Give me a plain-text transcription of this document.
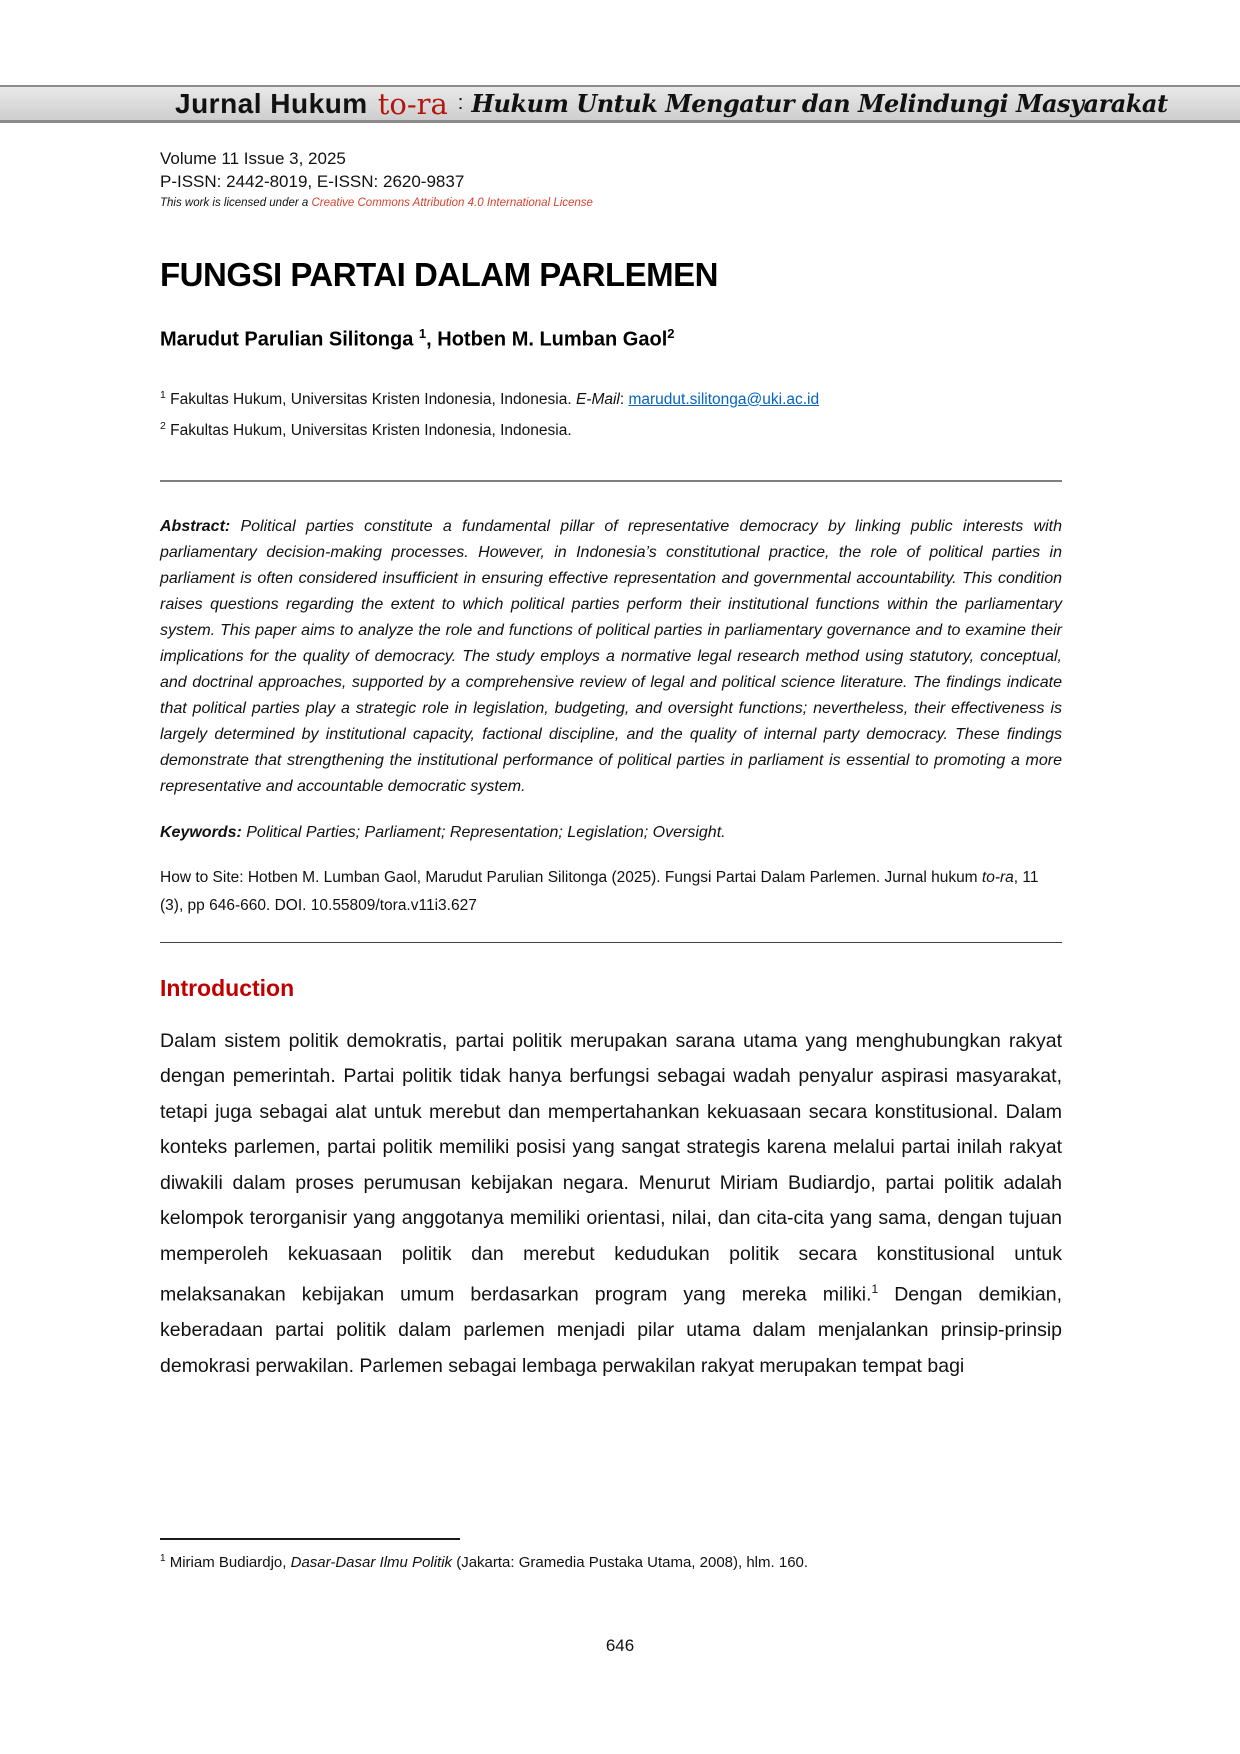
Jurnal Hukum to-ra : Hukum Untuk Mengatur dan Melindungi Masyarakat
Volume 11 Issue 3, 2025
P-ISSN: 2442-8019, E-ISSN: 2620-9837
This work is licensed under a Creative Commons Attribution 4.0 International License
FUNGSI PARTAI DALAM PARLEMEN
Marudut Parulian Silitonga $^1$, Hotben M. Lumban Gaol$^2$
$^1$ Fakultas Hukum, Universitas Kristen Indonesia, Indonesia. E-Mail: marudut.silitonga@uki.ac.id
$^2$ Fakultas Hukum, Universitas Kristen Indonesia, Indonesia.

Abstract: Political parties constitute a fundamental pillar of representative democracy by linking public interests with parliamentary decision-making processes. However, in Indonesia’s constitutional practice, the role of political parties in parliament is often considered insufficient in ensuring effective representation and governmental accountability. This condition raises questions regarding the extent to which political parties perform their institutional functions within the parliamentary system. This paper aims to analyze the role and functions of political parties in parliamentary governance and to examine their implications for the quality of democracy. The study employs a normative legal research method using statutory, conceptual, and doctrinal approaches, supported by a comprehensive review of legal and political science literature. The findings indicate that political parties play a strategic role in legislation, budgeting, and oversight functions; nevertheless, their effectiveness is largely determined by institutional capacity, factional discipline, and the quality of internal party democracy. These findings demonstrate that strengthening the institutional performance of political parties in parliament is essential to promoting a more representative and accountable democratic system.

Keywords: Political Parties; Parliament; Representation; Legislation; Oversight.

How to Site: Hotben M. Lumban Gaol, Marudut Parulian Silitonga (2025). Fungsi Partai Dalam Parlemen. Jurnal hukum to-ra, 11 (3), pp 646-660. DOI. 10.55809/tora.v11i3.627

Introduction

Dalam sistem politik demokratis, partai politik merupakan sarana utama yang menghubungkan rakyat dengan pemerintah. Partai politik tidak hanya berfungsi sebagai wadah penyalur aspirasi masyarakat, tetapi juga sebagai alat untuk merebut dan mempertahankan kekuasaan secara konstitusional. Dalam konteks parlemen, partai politik memiliki posisi yang sangat strategis karena melalui partai inilah rakyat diwakili dalam proses perumusan kebijakan negara. Menurut Miriam Budiardjo, partai politik adalah kelompok terorganisir yang anggotanya memiliki orientasi, nilai, dan cita-cita yang sama, dengan tujuan memperoleh kekuasaan politik dan merebut kedudukan politik secara konstitusional untuk melaksanakan kebijakan umum berdasarkan program yang mereka miliki.$^1$ Dengan demikian, keberadaan partai politik dalam parlemen menjadi pilar utama dalam menjalankan prinsip-prinsip demokrasi perwakilan. Parlemen sebagai lembaga perwakilan rakyat merupakan tempat bagi

$^1$ Miriam Budiardjo, Dasar-Dasar Ilmu Politik (Jakarta: Gramedia Pustaka Utama, 2008), hlm. 160.
646
